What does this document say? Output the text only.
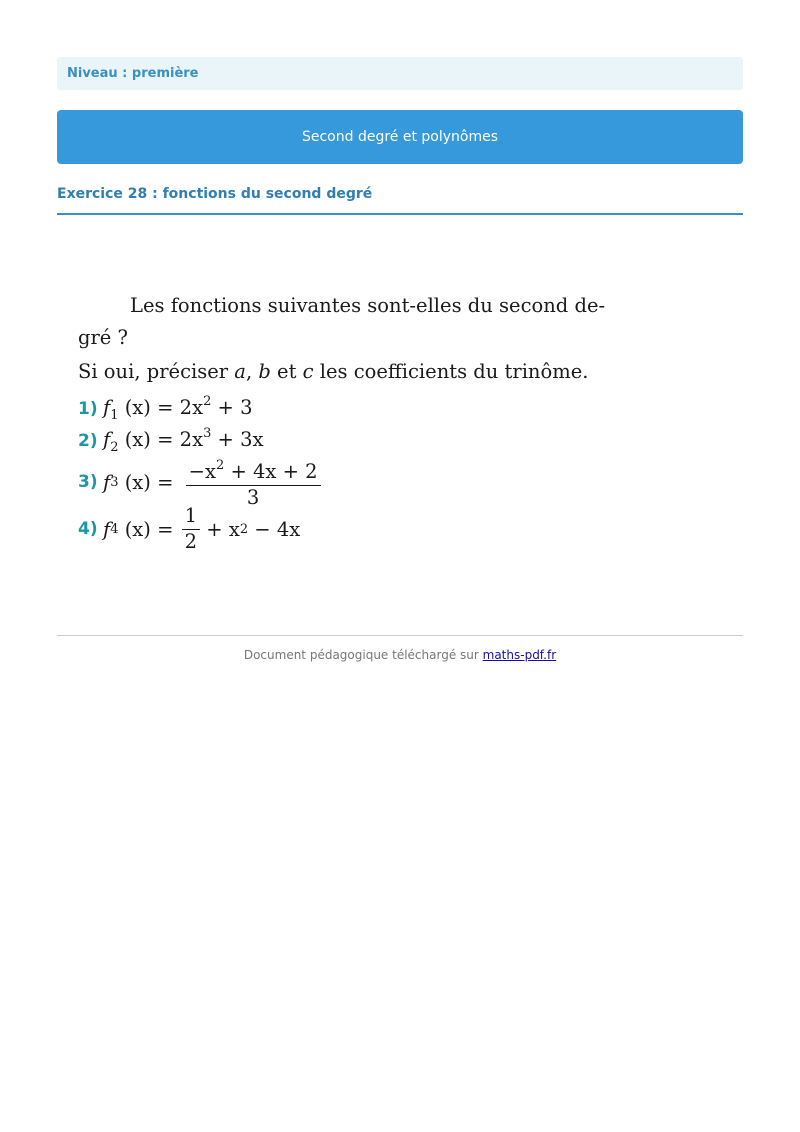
Niveau : première
Second degré et polynômes
Exercice 28 : fonctions du second degré
Les fonctions suivantes sont-elles du second de-
gré ?
Si oui, préciser a, b et c les coefficients du trinôme.
1) $f_1$ $(x) = 2x^2 + 3$
2) $f_2$ $(x) = 2x^3 + 3x$
3) f 3 $(x) = \frac{-x^2 + 4x + 2}{3}$
4) f 4 $(x) = \frac{1}{2} + x$ 2 − 4x
Document pédagogique téléchargé sur maths-pdf.fr
